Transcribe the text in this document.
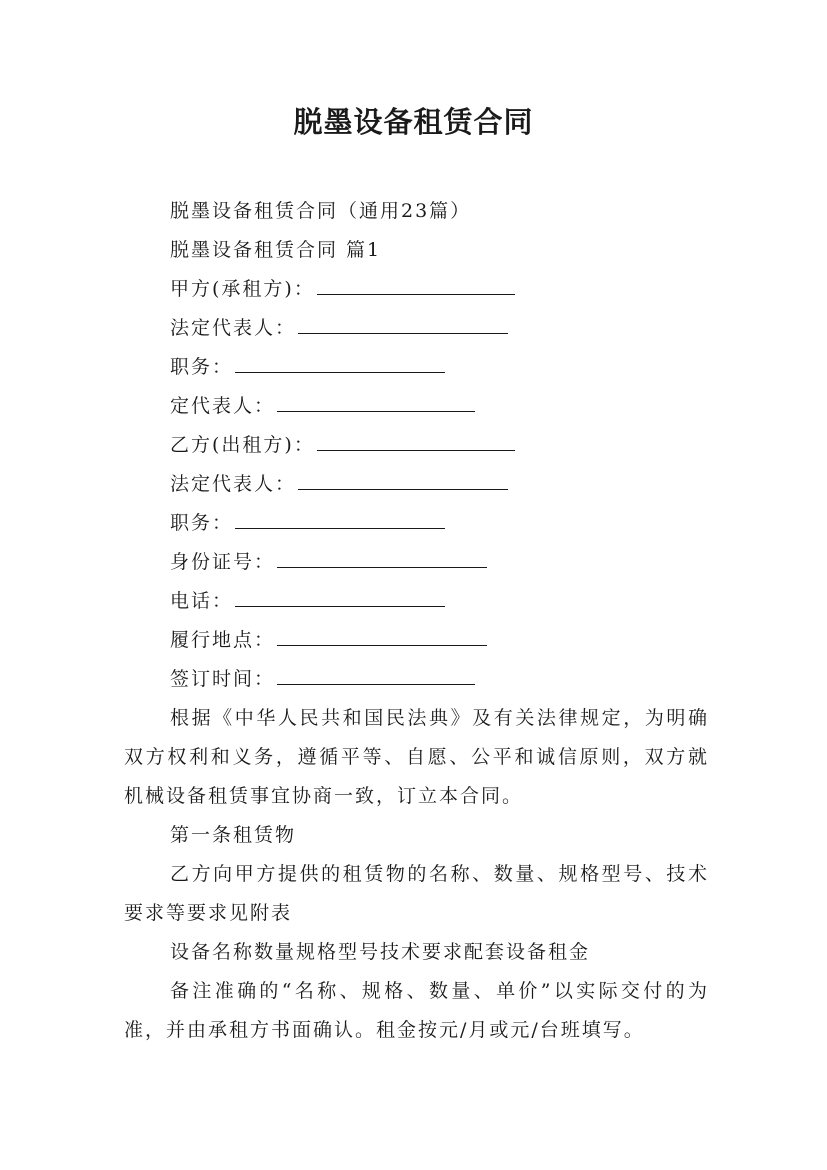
脱墨设备租赁合同
脱墨设备租赁合同（通用23篇）
脱墨设备租赁合同 篇1
甲方(承租方)：
法定代表人：
职务：
定代表人：
乙方(出租方)：
法定代表人：
职务：
身份证号：
电话：
履行地点：
签订时间：
根据《中华人民共和国民法典》及有关法律规定，为明确双方权利和义务，遵循平等、自愿、公平和诚信原则，双方就机械设备租赁事宜协商一致，订立本合同。
第一条租赁物
乙方向甲方提供的租赁物的名称、数量、规格型号、技术要求等要求见附表
设备名称数量规格型号技术要求配套设备租金
备注准确的“名称、规格、数量、单价”以实际交付的为准，并由承租方书面确认。租金按元/月或元/台班填写。
